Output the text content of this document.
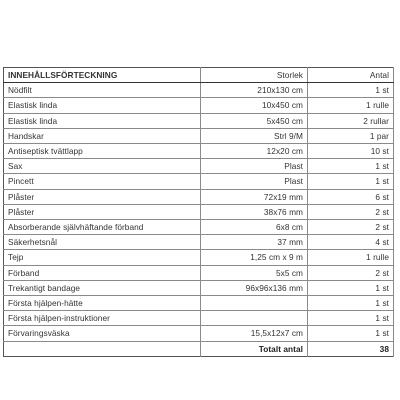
INNEHÅLLSFÖRTECKNING	Storlek	Antal
Nödfilt	210x130 cm	1 st
Elastisk linda	10x450 cm	1 rulle
Elastisk linda	5x450 cm	2 rullar
Handskar	Strl 9/M	1 par
Antiseptisk tvättlapp	12x20 cm	10 st
Sax	Plast	1 st
Pincett	Plast	1 st
Plåster	72x19 mm	6 st
Plåster	38x76 mm	2 st
Absorberande självhäftande förband	6x8 cm	2 st
Säkerhetsnål	37 mm	4 st
Tejp	1,25 cm x 9 m	1 rulle
Förband	5x5 cm	2 st
Trekantigt bandage	96x96x136 mm	1 st
Första hjälpen-hätte		1 st
Första hjälpen-instruktioner		1 st
Förvaringsväska	15,5x12x7 cm	1 st
	Totalt antal	38
